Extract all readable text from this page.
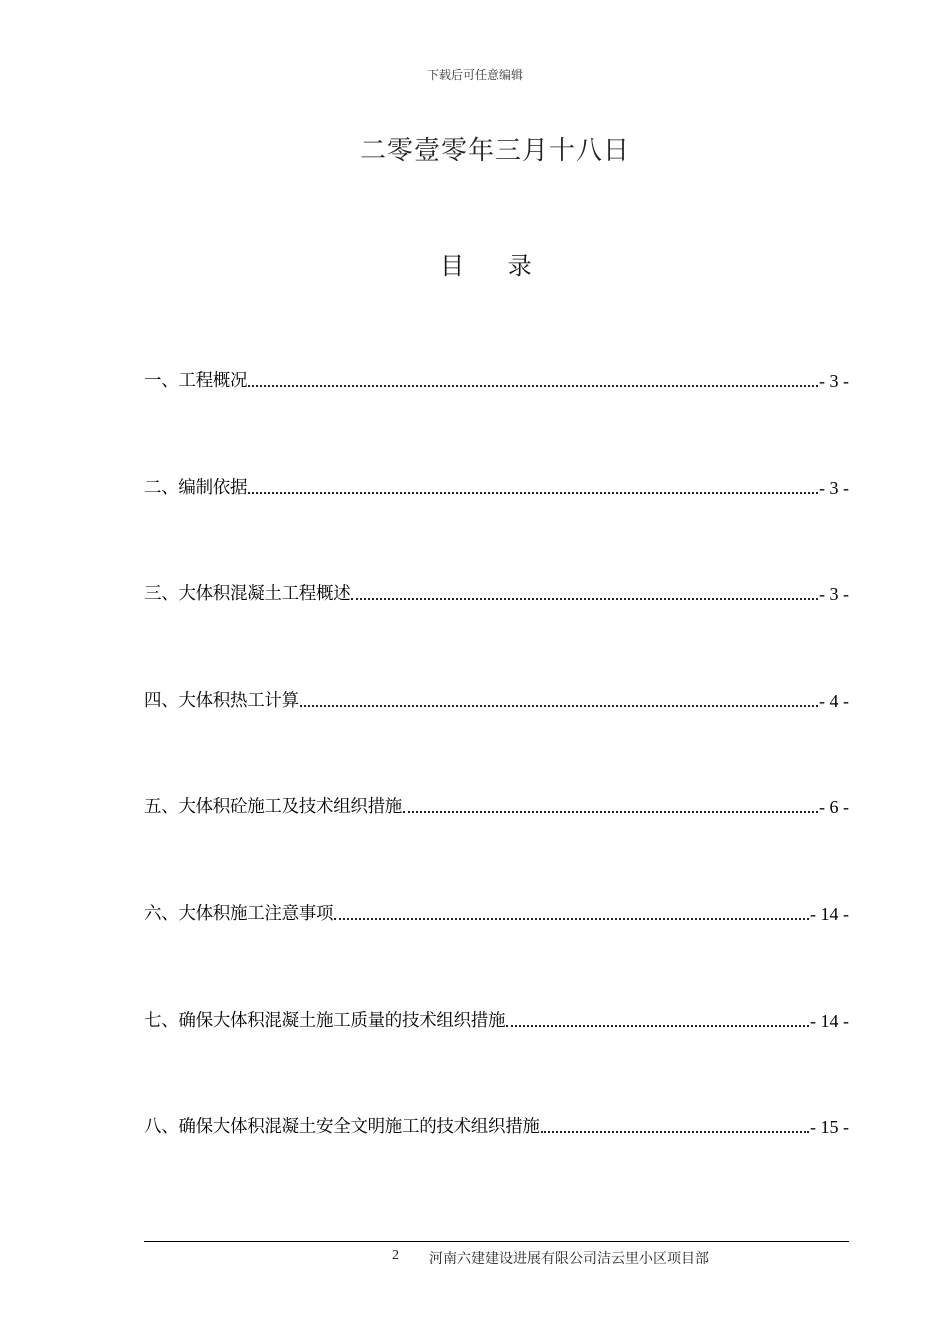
下载后可任意编辑
二零壹零年三月十八日
目 录
一、工程概况	- 3 -
二、编制依据	- 3 -
三、大体积混凝土工程概述	- 3 -
四、大体积热工计算	- 4 -
五、大体积砼施工及技术组织措施	- 6 -
六、大体积施工注意事项	- 14 -
七、确保大体积混凝土施工质量的技术组织措施	- 14 -
八、确保大体积混凝土安全文明施工的技术组织措施	- 15 -
2 河南六建建设进展有限公司洁云里小区项目部
